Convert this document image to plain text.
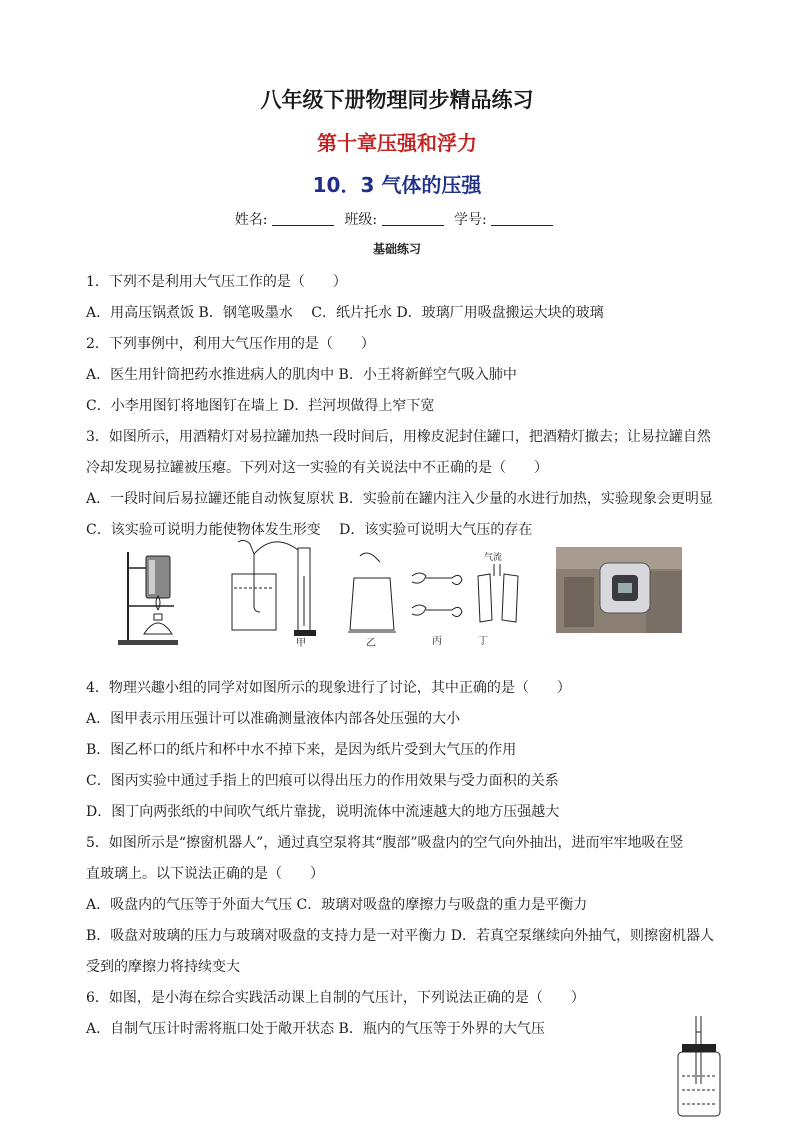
八年级下册物理同步精品练习
第十章压强和浮力
10．3 气体的压强
姓名:	班级:	学号:
基础练习
1．下列不是利用大气压工作的是（　　）
A．用高压锅煮饭 B．钢笔吸墨水　 C．纸片托水 D．玻璃厂用吸盘搬运大块的玻璃
2．下列事例中，利用大气压作用的是（　　）
A．医生用针筒把药水推进病人的肌肉中 B．小王将新鲜空气吸入肺中
C．小李用图钉将地图钉在墙上 D．拦河坝做得上窄下宽
3．如图所示，用酒精灯对易拉罐加热一段时间后，用橡皮泥封住罐口，把酒精灯撤去；让易拉罐自然
冷却发现易拉罐被压瘪。下列对这一实验的有关说法中不正确的是（　　）
A．一段时间后易拉罐还能自动恢复原状 B．实验前在罐内注入少量的水进行加热，实验现象会更明显
C．该实验可说明力能使物体发生形变　 D．该实验可说明大气压的存在
甲	乙	丙
气流
丁
4．物理兴趣小组的同学对如图所示的现象进行了讨论，其中正确的是（　　）
A．图甲表示用压强计可以准确测量液体内部各处压强的大小
B．图乙杯口的纸片和杯中水不掉下来，是因为纸片受到大气压的作用
C．图丙实验中通过手指上的凹痕可以得出压力的作用效果与受力面积的关系
D．图丁向两张纸的中间吹气纸片靠拢，说明流体中流速越大的地方压强越大
5．如图所示是“擦窗机器人”，通过真空泵将其“腹部”吸盘内的空气向外抽出，进而牢牢地吸在竖
直玻璃上。以下说法正确的是（　　）
A．吸盘内的气压等于外面大气压 C．玻璃对吸盘的摩擦力与吸盘的重力是平衡力
B．吸盘对玻璃的压力与玻璃对吸盘的支持力是一对平衡力 D．若真空泵继续向外抽气，则擦窗机器人
受到的摩擦力将持续变大
6．如图，是小海在综合实践活动课上自制的气压计，下列说法正确的是（　　）
A．自制气压计时需将瓶口处于敞开状态 B．瓶内的气压等于外界的大气压
